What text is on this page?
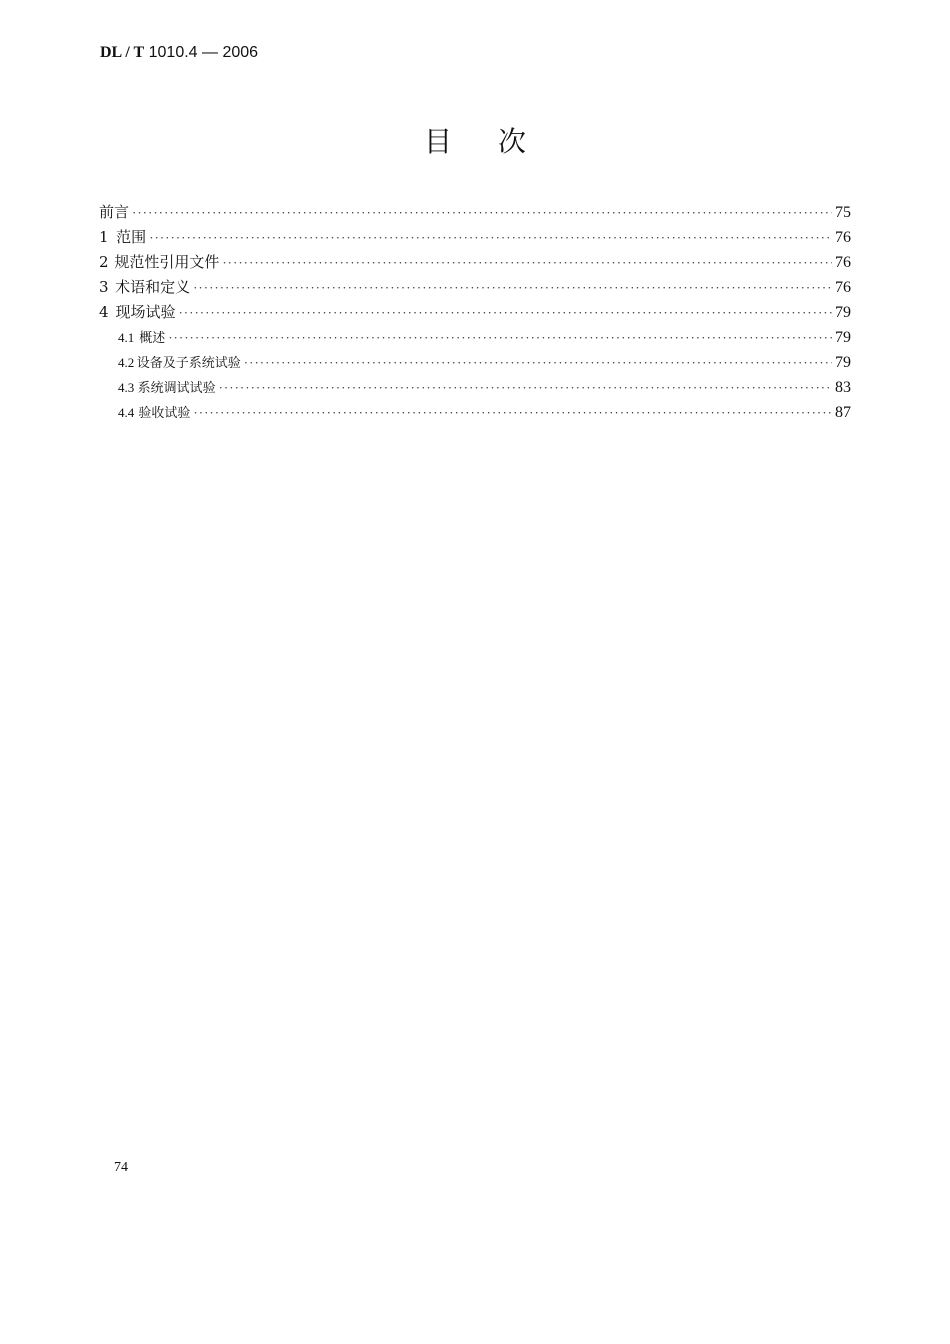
DL / T 1010.4 — 2006
目 次
前言 ·····	75
1 范围 ·····	76
2 规范性引用文件 ·····	76
3 术语和定义 ·····	76
4 现场试验 ·····	79
4.1 概述 ·····	79
4.2 设备及子系统试验 ·····	79
4.3 系统调试试验 ·····	83
4.4 验收试验 ·····	87
74
